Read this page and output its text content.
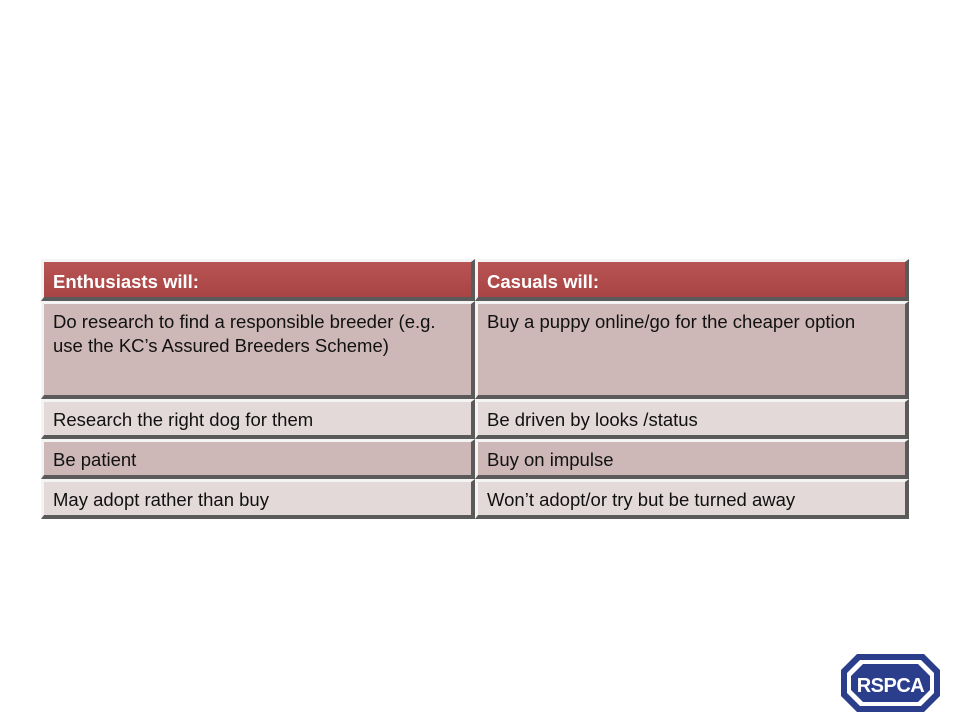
Enthusiasts will:	Casuals will:
Do research to find a responsible breeder (e.g. use the KC’s Assured Breeders Scheme)	Buy a puppy online/go for the cheaper option
Research the right dog for them	Be driven by looks /status
Be patient	Buy on impulse
May adopt rather than buy	Won’t adopt/or try but be turned away
RSPCA
